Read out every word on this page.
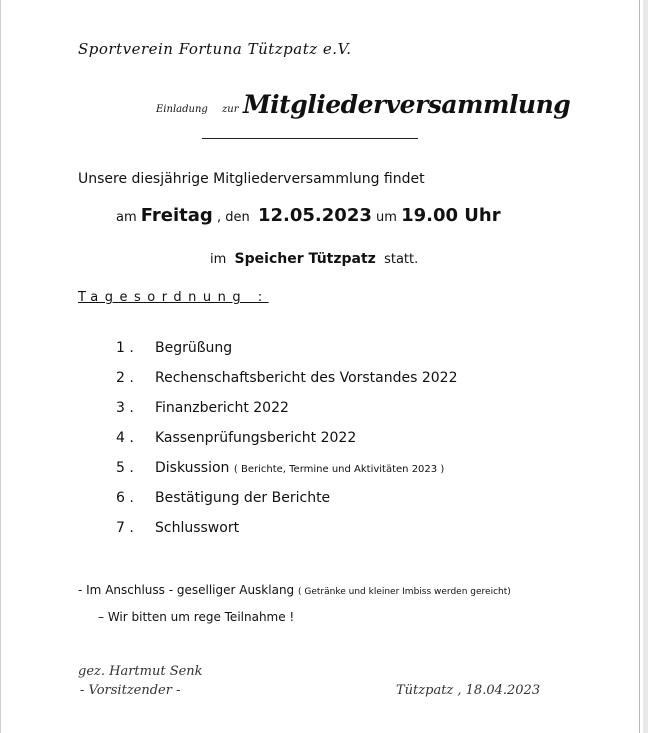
Sportverein Fortuna Tützpatz e.V.
Einladung zur Mitgliederversammlung
Unsere diesjährige Mitgliederversammlung findet
am Freitag , den 12.05.2023 um 19.00 Uhr
im Speicher Tützpatz statt.
Tagesordnung :
1 . Begrüßung
2 . Rechenschaftsbericht des Vorstandes 2022
3 . Finanzbericht 2022
4 . Kassenprüfungsbericht 2022
5 . Diskussion ( Berichte, Termine und Aktivitäten 2023 )
6 . Bestätigung der Berichte
7 . Schlusswort
- Im Anschluss - geselliger Ausklang ( Getränke und kleiner Imbiss werden gereicht)
– Wir bitten um rege Teilnahme !
gez. Hartmut Senk
- Vorsitzender -	Tützpatz , 18.04.2023
